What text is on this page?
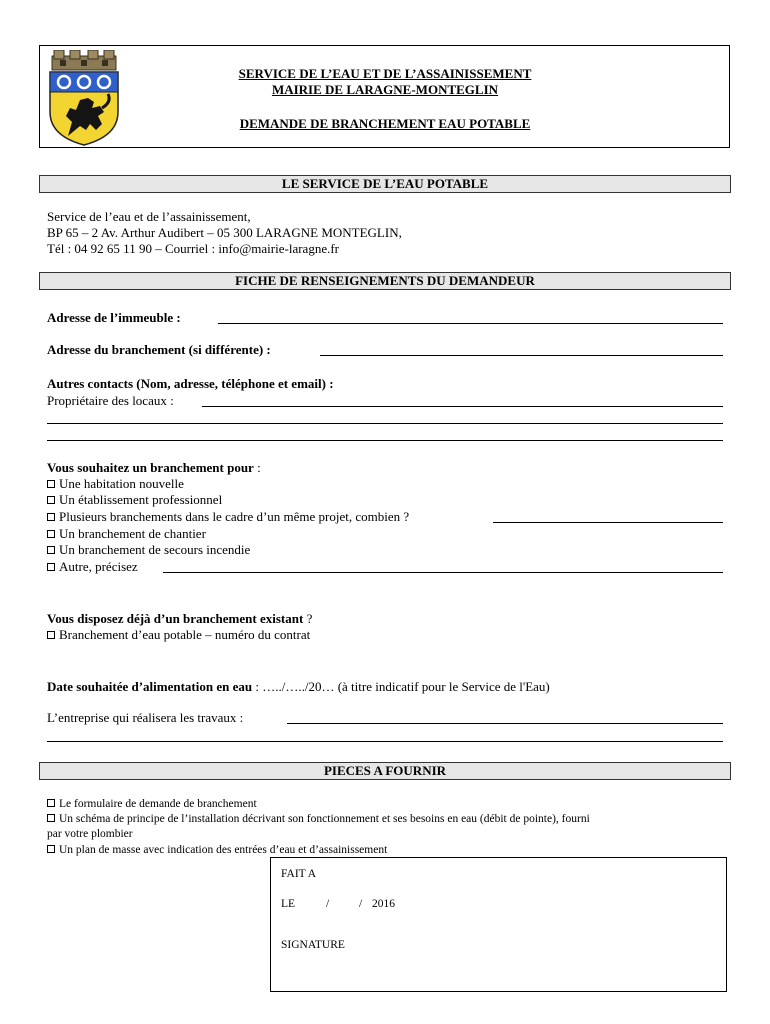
SERVICE DE L’EAU ET DE L’ASSAINISSEMENT
MAIRIE DE LARAGNE-MONTEGLIN
DEMANDE DE BRANCHEMENT EAU POTABLE
LE SERVICE DE L’EAU POTABLE
Service de l’eau et de l’assainissement,
BP 65 – 2 Av. Arthur Audibert – 05 300 LARAGNE MONTEGLIN,
Tél : 04 92 65 11 90 – Courriel : info@mairie-laragne.fr
FICHE DE RENSEIGNEMENTS DU DEMANDEUR
Adresse de l’immeuble :
Adresse du branchement (si différente) :
Autres contacts (Nom, adresse, téléphone et email) :
Propriétaire des locaux :
Vous souhaitez un branchement pour :
Une habitation nouvelle
Un établissement professionnel
Plusieurs branchements dans le cadre d’un même projet, combien ?
Un branchement de chantier
Un branchement de secours incendie
Autre, précisez
Vous disposez déjà d’un branchement existant ?
Branchement d’eau potable – numéro du contrat
Date souhaitée d’alimentation en eau : …../…../20… (à titre indicatif pour le Service de l'Eau)
L’entreprise qui réalisera les travaux :
PIECES A FOURNIR
Le formulaire de demande de branchement
Un schéma de principe de l’installation décrivant son fonctionnement et ses besoins en eau (débit de pointe), fourni
par votre plombier
Un plan de masse avec indication des entrées d’eau et d’assainissement
FAIT A
LE	/	/ 2016
SIGNATURE
